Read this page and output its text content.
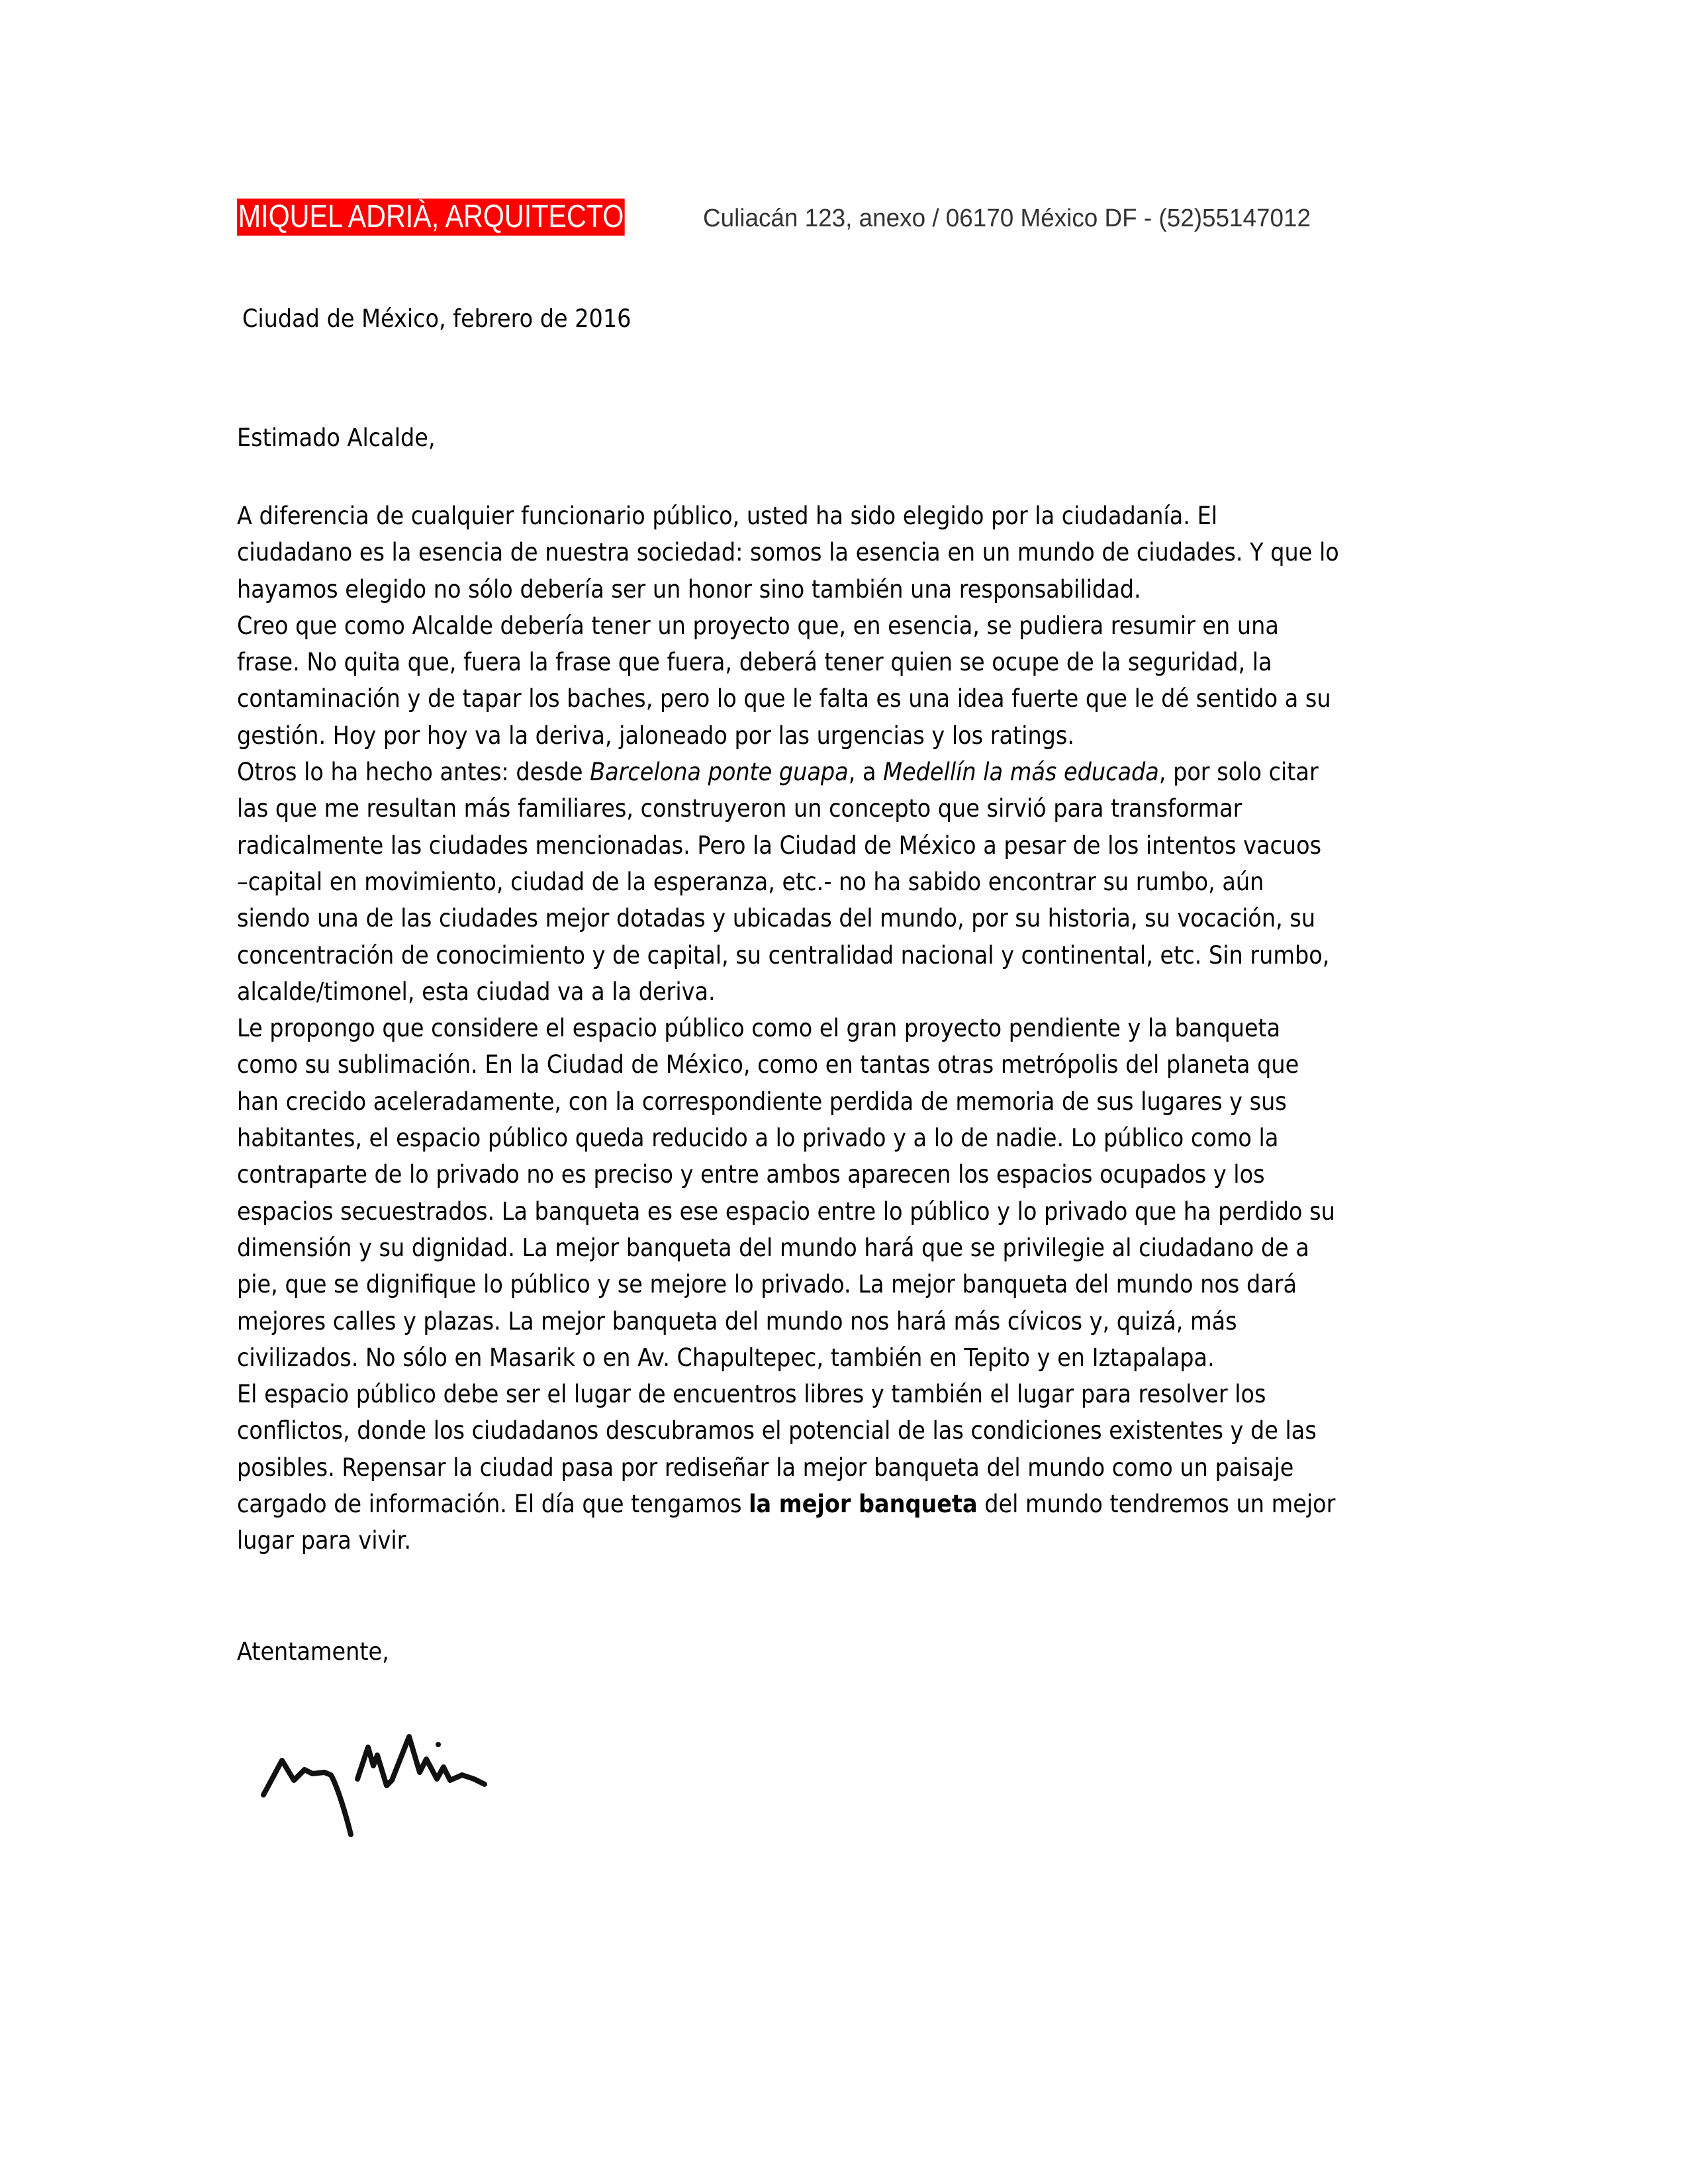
MIQUEL ADRIÀ, ARQUITECTO	Culiacán 123, anexo / 06170 México DF - (52)55147012
Ciudad de México, febrero de 2016
Estimado Alcalde,
A diferencia de cualquier funcionario público, usted ha sido elegido por la ciudadanía. El
ciudadano es la esencia de nuestra sociedad: somos la esencia en un mundo de ciudades. Y que lo
hayamos elegido no sólo debería ser un honor sino también una responsabilidad.
Creo que como Alcalde debería tener un proyecto que, en esencia, se pudiera resumir en una
frase. No quita que, fuera la frase que fuera, deberá tener quien se ocupe de la seguridad, la
contaminación y de tapar los baches, pero lo que le falta es una idea fuerte que le dé sentido a su
gestión. Hoy por hoy va la deriva, jaloneado por las urgencias y los ratings.
Otros lo ha hecho antes: desde Barcelona ponte guapa, a Medellín la más educada, por solo citar
las que me resultan más familiares, construyeron un concepto que sirvió para transformar
radicalmente las ciudades mencionadas. Pero la Ciudad de México a pesar de los intentos vacuos
–capital en movimiento, ciudad de la esperanza, etc.- no ha sabido encontrar su rumbo, aún
siendo una de las ciudades mejor dotadas y ubicadas del mundo, por su historia, su vocación, su
concentración de conocimiento y de capital, su centralidad nacional y continental, etc. Sin rumbo,
alcalde/timonel, esta ciudad va a la deriva.
Le propongo que considere el espacio público como el gran proyecto pendiente y la banqueta
como su sublimación. En la Ciudad de México, como en tantas otras metrópolis del planeta que
han crecido aceleradamente, con la correspondiente perdida de memoria de sus lugares y sus
habitantes, el espacio público queda reducido a lo privado y a lo de nadie. Lo público como la
contraparte de lo privado no es preciso y entre ambos aparecen los espacios ocupados y los
espacios secuestrados. La banqueta es ese espacio entre lo público y lo privado que ha perdido su
dimensión y su dignidad. La mejor banqueta del mundo hará que se privilegie al ciudadano de a
pie, que se dignifique lo público y se mejore lo privado. La mejor banqueta del mundo nos dará
mejores calles y plazas. La mejor banqueta del mundo nos hará más cívicos y, quizá, más
civilizados. No sólo en Masarik o en Av. Chapultepec, también en Tepito y en Iztapalapa.
El espacio público debe ser el lugar de encuentros libres y también el lugar para resolver los
conflictos, donde los ciudadanos descubramos el potencial de las condiciones existentes y de las
posibles. Repensar la ciudad pasa por rediseñar la mejor banqueta del mundo como un paisaje
cargado de información. El día que tengamos la mejor banqueta del mundo tendremos un mejor
lugar para vivir.
Atentamente,
